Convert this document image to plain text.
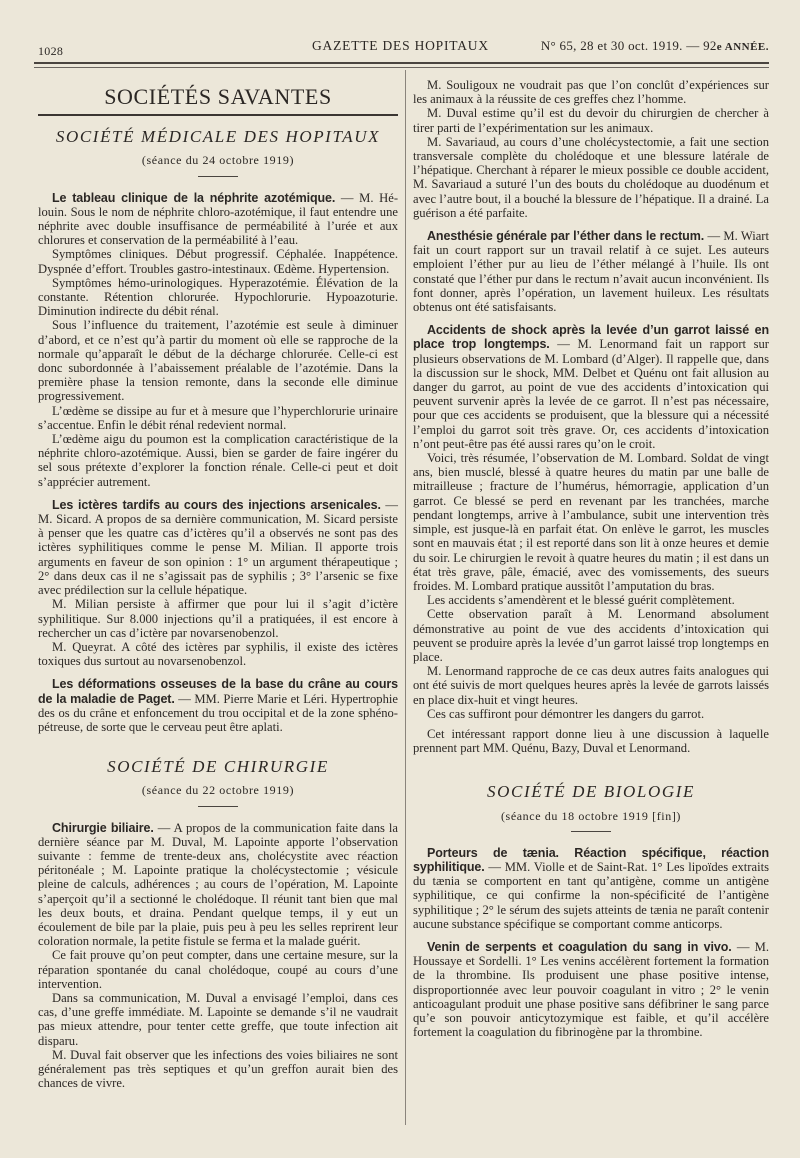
1028	GAZETTE DES HOPITAUX	N° 65, 28 et 30 oct. 1919. — 92e ANNÉE.
SOCIÉTÉS SAVANTES
SOCIÉTÉ MÉDICALE DES HOPITAUX
(séance du 24 octobre 1919)

Le tableau clinique de la néphrite azotémique. — M. Hélouin. Sous le nom de néphrite chloro-azotémique, il faut entendre une néphrite avec double insuffisance de perméabilité à l’urée et aux chlorures et conservation de la perméabilité à l’eau.

Symptômes cliniques. Début progressif. Céphalée. Inappétence. Dyspnée d’effort. Troubles gastro-intestinaux. Œdème. Hypertension.

Symptômes hémo-urinologiques. Hyperazotémie. Élévation de la constante. Rétention chlorurée. Hypochlorurie. Hypoazoturie. Diminution indirecte du débit rénal.

Sous l’influence du traitement, l’azotémie est seule à diminuer d’abord, et ce n’est qu’à partir du moment où elle se rapproche de la normale qu’apparaît le début de la décharge chlorurée. Celle-ci est donc subordonnée à l’abaissement préalable de l’azotémie. Dans la première phase la tension remonte, dans la seconde elle diminue progressivement.

L’œdème se dissipe au fur et à mesure que l’hyperchlorurie urinaire s’accentue. Enfin le débit rénal redevient normal.

L’œdème aigu du poumon est la complication caractéristique de la néphrite chloro-azotémique. Aussi, bien se garder de faire ingérer du sel sous prétexte d’explorer la fonction rénale. Celle-ci peut et doit s’apprécier autrement.

Les ictères tardifs au cours des injections arsenicales. — M. Sicard. A propos de sa dernière communication, M. Sicard persiste à penser que les quatre cas d’ictères qu’il a observés ne sont pas des ictères syphilitiques comme le pense M. Milian. Il apporte trois arguments en faveur de son opinion : 1° un argument thérapeutique ; 2° dans deux cas il ne s’agissait pas de syphilis ; 3° l’arsenic se fixe avec prédilection sur la cellule hépatique.

M. Milian persiste à affirmer que pour lui il s’agit d’ictère syphilitique. Sur 8.000 injections qu’il a pratiquées, il est encore à rechercher un cas d’ictère par novarsenobenzol.

M. Queyrat. A côté des ictères par syphilis, il existe des ictères toxiques dus surtout au novarsenobenzol.

Les déformations osseuses de la base du crâne au cours de la maladie de Paget. — MM. Pierre Marie et Léri. Hypertrophie des os du crâne et enfoncement du trou occipital et de la zone sphéno-pétreuse, de sorte que le cerveau peut être aplati.

SOCIÉTÉ DE CHIRURGIE
(séance du 22 octobre 1919)

Chirurgie biliaire. — A propos de la communication faite dans la dernière séance par M. Duval, M. Lapointe apporte l’observation suivante : femme de trente-deux ans, cholécystite avec réaction péritonéale ; M. Lapointe pratique la cholécystectomie ; vésicule pleine de calculs, adhérences ; au cours de l’opération, M. Lapointe s’aperçoit qu’il a sectionné le cholédoque. Il réunit tant bien que mal les deux bouts, et draina. Pendant quelque temps, il y eut un écoulement de bile par la plaie, puis peu à peu les selles reprirent leur coloration normale, la petite fistule se ferma et la malade guérit.

Ce fait prouve qu’on peut compter, dans une certaine mesure, sur la réparation spontanée du canal cholédoque, coupé au cours d’une intervention.

Dans sa communication, M. Duval a envisagé l’emploi, dans ces cas, d’une greffe immédiate. M. Lapointe se demande s’il ne vaudrait pas mieux attendre, pour tenter cette greffe, que toute infection ait disparu.

M. Duval fait observer que les infections des voies biliaires ne sont généralement pas très septiques et qu’un greffon aurait bien des chances de vivre.

M. Souligoux ne voudrait pas que l’on conclût d’expériences sur les animaux à la réussite de ces greffes chez l’homme.

M. Duval estime qu’il est du devoir du chirurgien de chercher à tirer parti de l’expérimentation sur les animaux.

M. Savariaud, au cours d’une cholécystectomie, a fait une section transversale complète du cholédoque et une blessure latérale de l’hépatique. Cherchant à réparer le mieux possible ce double accident, M. Savariaud a suturé l’un des bouts du cholédoque au duodénum et avec l’autre bout, il a bouché la blessure de l’hépatique. Il a drainé. La guérison a été parfaite.

Anesthésie générale par l’éther dans le rectum. — M. Wiart fait un court rapport sur un travail relatif à ce sujet. Les auteurs emploient l’éther pur au lieu de l’éther mélangé à l’huile. Ils ont constaté que l’éther pur dans le rectum n’avait aucun inconvénient. Ils font donner, après l’opération, un lavement huileux. Les résultats obtenus ont été satisfaisants.

Accidents de shock après la levée d’un garrot laissé en place trop longtemps. — M. Lenormand fait un rapport sur plusieurs observations de M. Lombard (d’Alger). Il rappelle que, dans la discussion sur le shock, MM. Delbet et Quénu ont fait allusion au danger du garrot, au point de vue des accidents d’intoxication qui peuvent survenir après la levée de ce garrot. Il n’est pas nécessaire, pour que ces accidents se produisent, que la blessure qui a nécessité l’emploi du garrot soit très grave. Or, ces accidents d’intoxication n’ont peut-être pas été aussi rares qu’on le croit.

Voici, très résumée, l’observation de M. Lombard. Soldat de vingt ans, bien musclé, blessé à quatre heures du matin par une balle de mitrailleuse ; fracture de l’humérus, hémorragie, application d’un garrot. Ce blessé se perd en revenant par les tranchées, marche pendant longtemps, arrive à l’ambulance, subit une intervention très simple, est jusque-là en parfait état. On enlève le garrot, les muscles sont en mauvais état ; il est reporté dans son lit à onze heures et demie du soir. Le chirurgien le revoit à quatre heures du matin ; il est dans un état très grave, pâle, émacié, avec des vomissements, des sueurs froides. M. Lombard pratique aussitôt l’amputation du bras.

Les accidents s’amendèrent et le blessé guérit complètement.

Cette observation paraît à M. Lenormand absolument démonstrative au point de vue des accidents d’intoxication qui peuvent se produire après la levée d’un garrot laissé trop longtemps en place.

M. Lenormand rapproche de ce cas deux autres faits analogues qui ont été suivis de mort quelques heures après la levée de garrots laissés en place dix-huit et vingt heures.

Ces cas suffiront pour démontrer les dangers du garrot.

Cet intéressant rapport donne lieu à une discussion à laquelle prennent part MM. Quénu, Bazy, Duval et Lenormand.

SOCIÉTÉ DE BIOLOGIE
(séance du 18 octobre 1919 [fin])

Porteurs de tænia. Réaction spécifique, réaction syphilitique. — MM. Violle et de Saint-Rat. 1° Les lipoïdes extraits du tænia se comportent en tant qu’antigène, comme un antigène syphilitique, ce qui confirme la non-spécificité de l’antigène syphilitique ; 2° le sérum des sujets atteints de tænia ne paraît contenir aucune substance spécifique se comportant comme anticorps.

Venin de serpents et coagulation du sang in vivo. — M. Houssaye et Sordelli. 1° Les venins accélèrent fortement la formation de la thrombine. Ils produisent une phase positive intense, disproportionnée avec leur pouvoir coagulant in vitro ; 2° le venin anticoagulant produit une phase positive sans défibriner le sang parce qu’e son pouvoir anticytozymique est faible, et qu’il accélère fortement la coagulation du fibrinogène par la thrombine.
